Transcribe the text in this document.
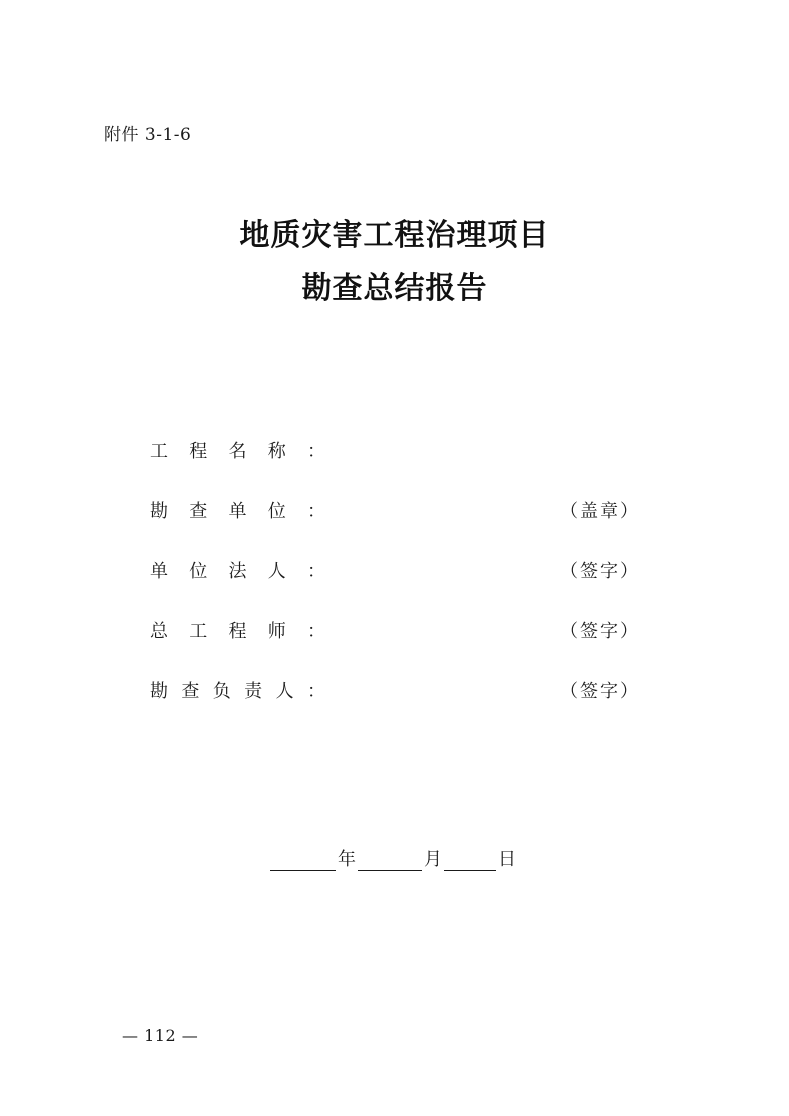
附件 3-1-6
地质灾害工程治理项目
勘查总结报告
工 程 名 称 ：
勘 查 单 位 ：	（盖章）
单 位 法 人 ：	（签字）
总 工 程 师 ：	（签字）
勘 查 负 责 人 ：	（签字）
年	月	日
— 112 —
